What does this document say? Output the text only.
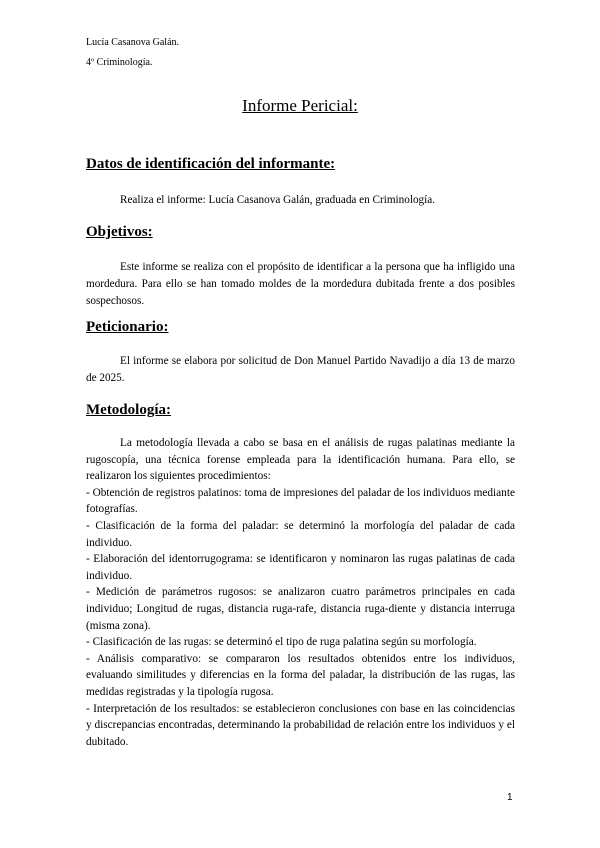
Lucía Casanova Galán.
4º Criminología.
Informe Pericial:
Datos de identificación del informante:
Realiza el informe: Lucía Casanova Galán, graduada en Criminología.
Objetivos:
Este informe se realiza con el propósito de identificar a la persona que ha infligido una mordedura. Para ello se han tomado moldes de la mordedura dubitada frente a dos posibles sospechosos.
Peticionario:
El informe se elabora por solicitud de Don Manuel Partido Navadijo a día 13 de marzo de 2025.
Metodología:
La metodología llevada a cabo se basa en el análisis de rugas palatinas mediante la rugoscopía, una técnica forense empleada para la identificación humana. Para ello, se realizaron los siguientes procedimientos:
- Obtención de registros palatinos: toma de impresiones del paladar de los individuos mediante fotografías.
- Clasificación de la forma del paladar: se determinó la morfología del paladar de cada individuo.
- Elaboración del identorrugograma: se identificaron y nominaron las rugas palatinas de cada individuo.
- Medición de parámetros rugosos: se analizaron cuatro parámetros principales en cada individuo; Longitud de rugas, distancia ruga-rafe, distancia ruga-diente y distancia interruga (misma zona).
- Clasificación de las rugas: se determinó el tipo de ruga palatina según su morfología.
- Análisis comparativo: se compararon los resultados obtenidos entre los individuos, evaluando similitudes y diferencias en la forma del paladar, la distribución de las rugas, las medidas registradas y la tipología rugosa.
- Interpretación de los resultados: se establecieron conclusiones con base en las coincidencias y discrepancias encontradas, determinando la probabilidad de relación entre los individuos y el dubitado.
1
